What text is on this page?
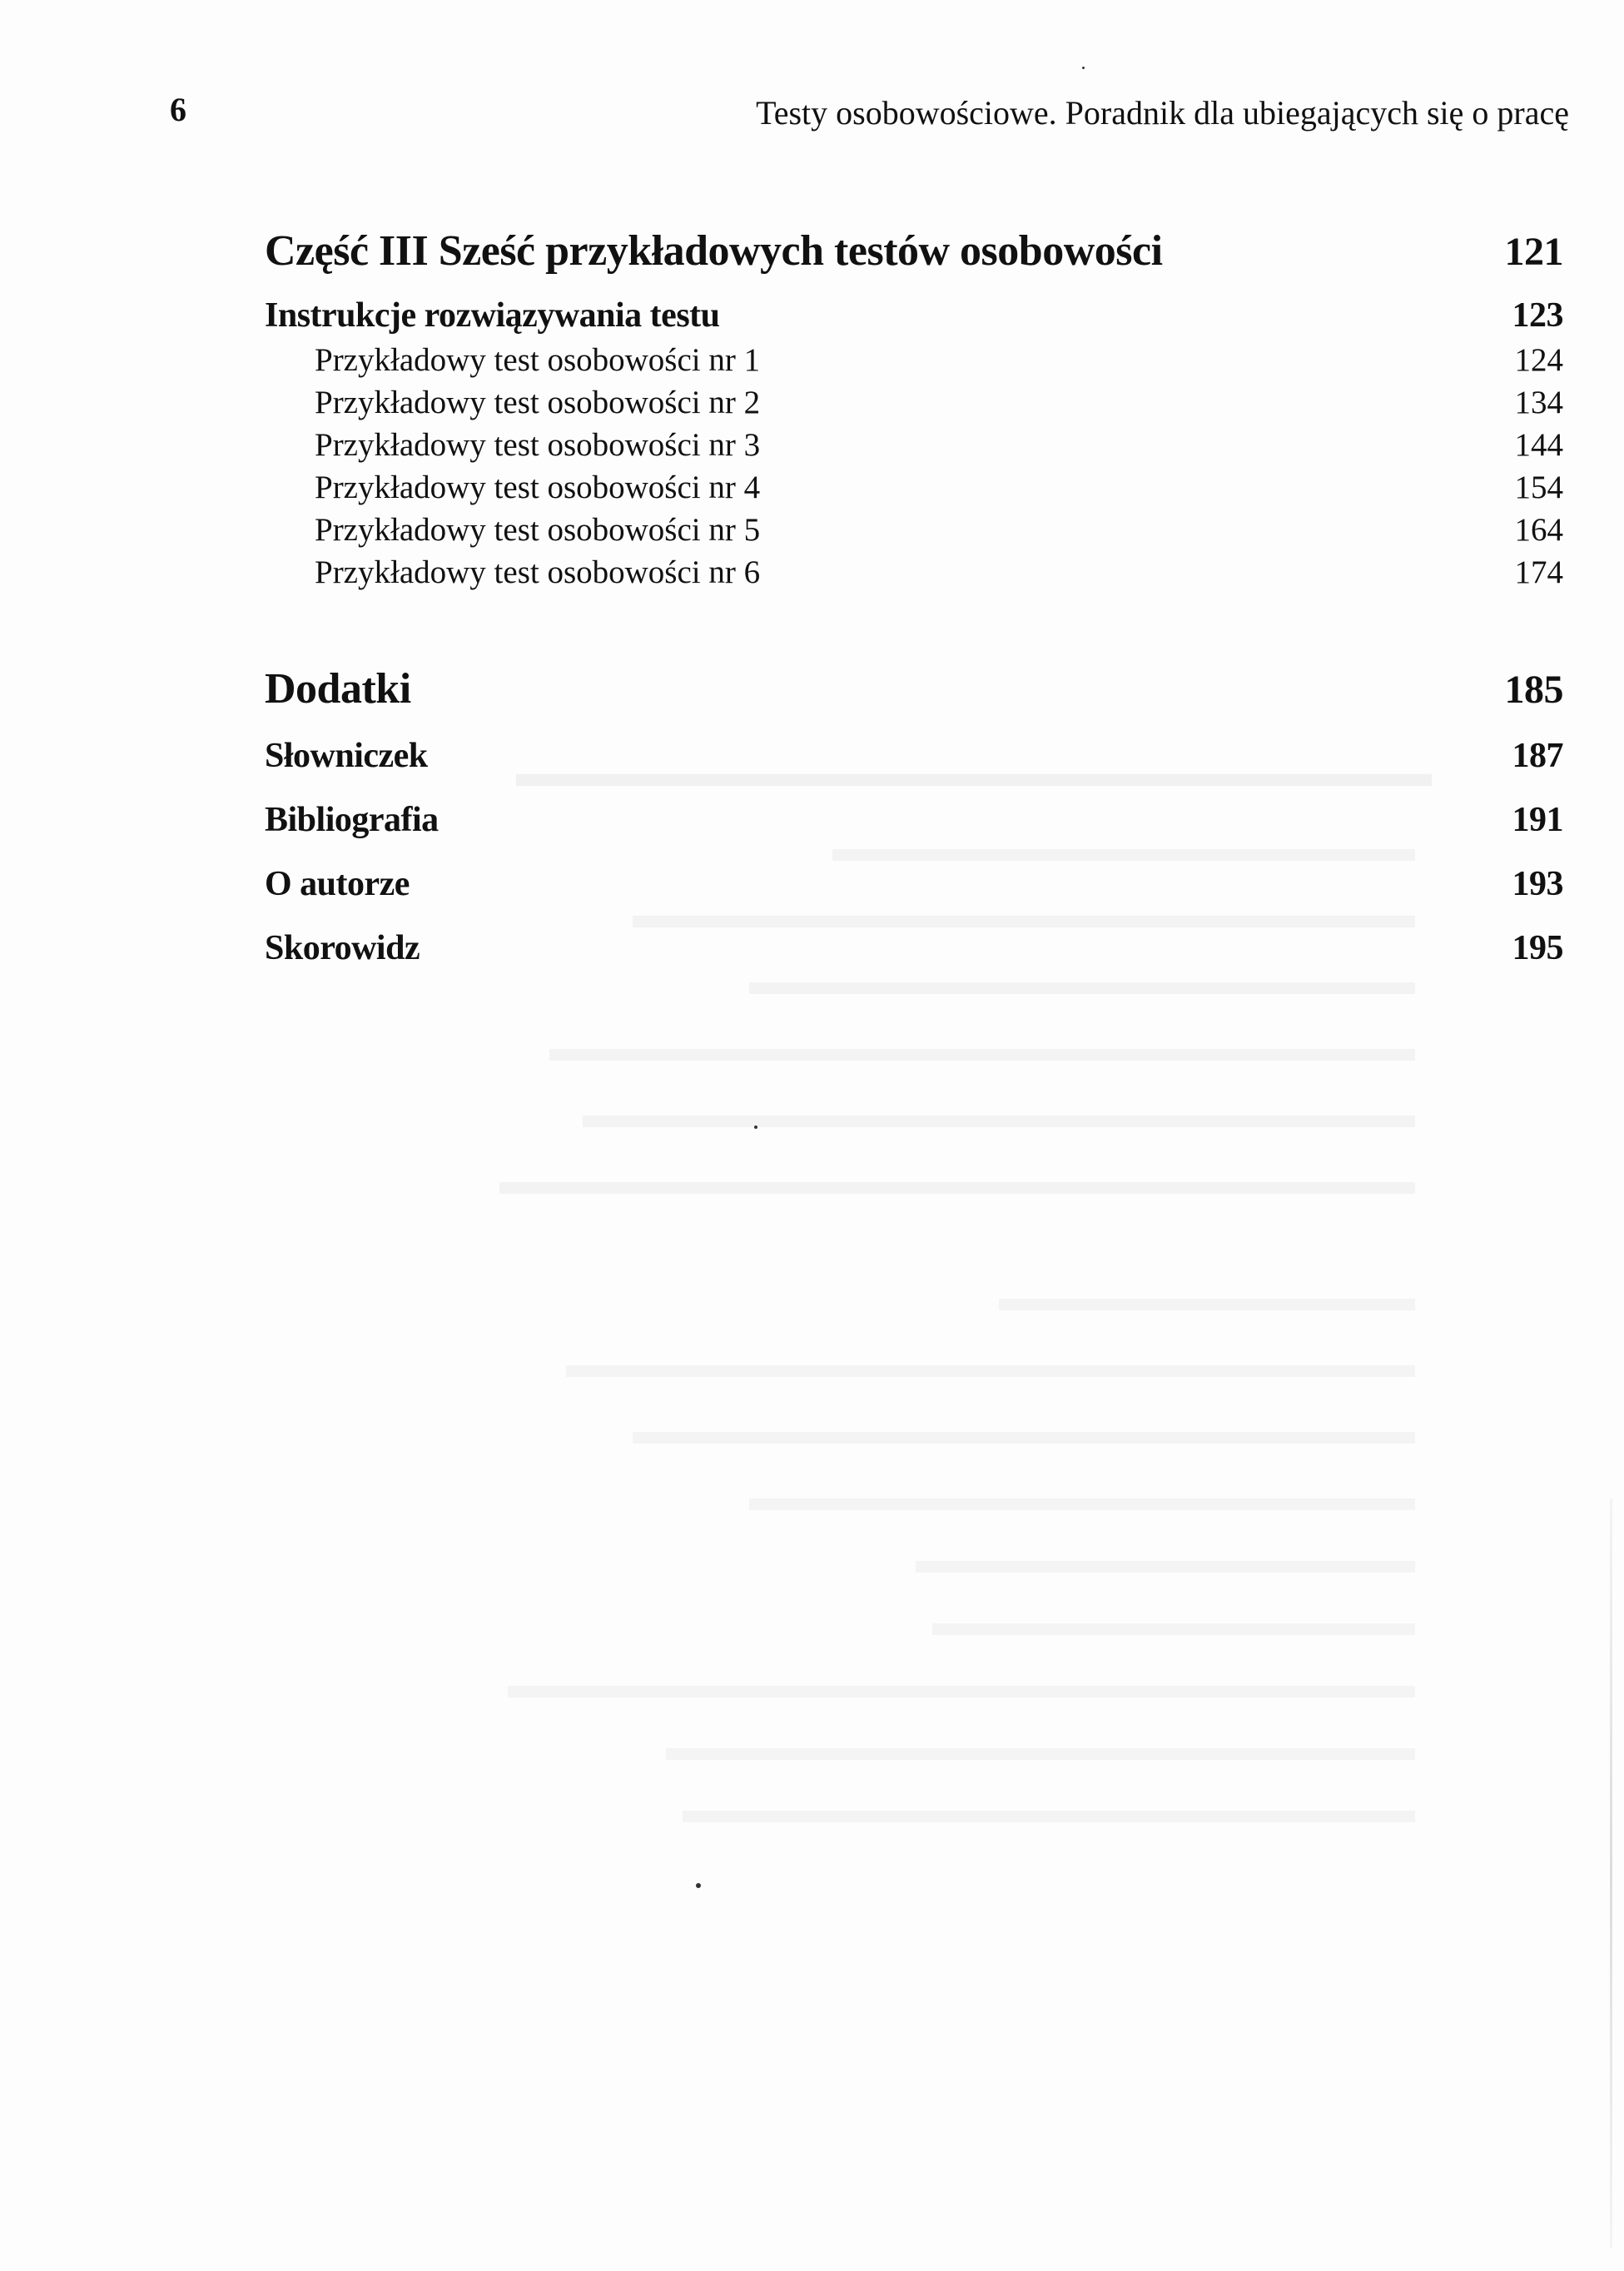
6	Testy osobowościowe. Poradnik dla ubiegających się o pracę
Część III Sześć przykładowych testów osobowości	121
Instrukcje rozwiązywania testu	123
Przykładowy test osobowości nr 1	124
Przykładowy test osobowości nr 2	134
Przykładowy test osobowości nr 3	144
Przykładowy test osobowości nr 4	154
Przykładowy test osobowości nr 5	164
Przykładowy test osobowości nr 6	174
Dodatki	185
Słowniczek	187
Bibliografia	191
O autorze	193
Skorowidz	195
